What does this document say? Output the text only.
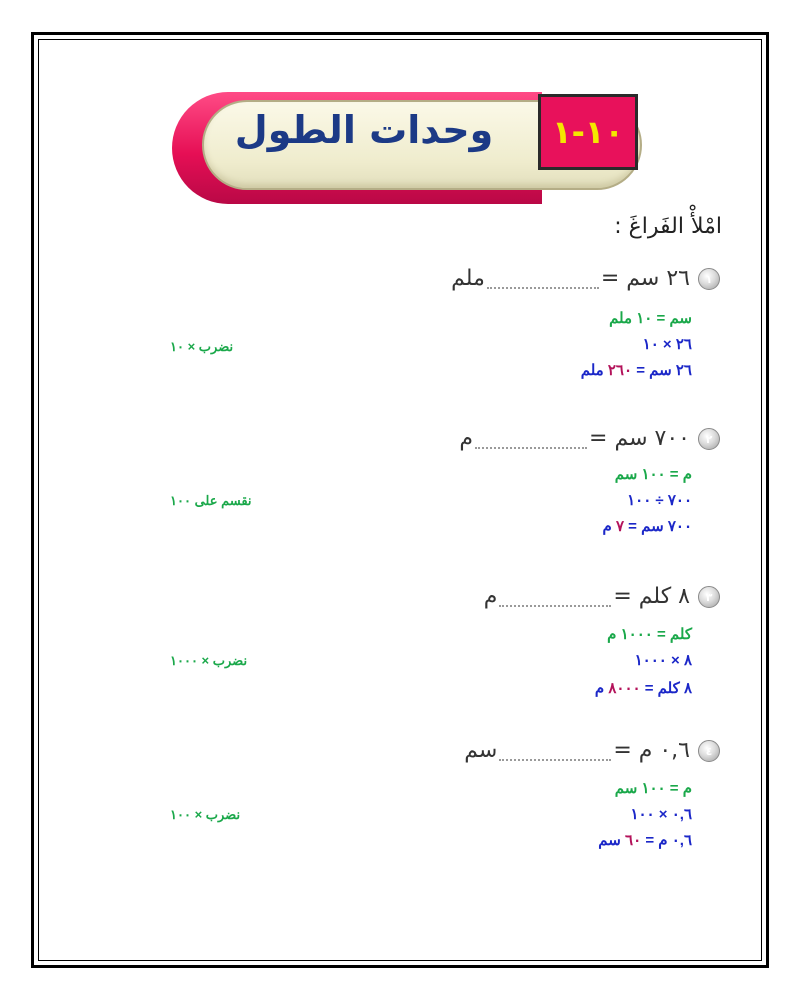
وحدات الطول	١٠-١
امْلأْ الفَراغَ :
١
٢٦ سم =ملم
سم = ١٠ ملم
٢٦ × ١٠
٢٦ سم = ٢٦٠ ملم
نضرب × ١٠
٢
٧٠٠ سم =م
م = ١٠٠ سم
٧٠٠ ÷ ١٠٠
٧٠٠ سم = ٧ م
نقسم على ١٠٠
٣
٨ كلم =م
كلم = ١٠٠٠ م
٨ × ١٠٠٠
٨ كلم = ٨٠٠٠ م
نضرب × ١٠٠٠
٤
٠,٦ م =سم
م = ١٠٠ سم
٠,٦ × ١٠٠
٠,٦ م = ٦٠ سم
نضرب × ١٠٠
